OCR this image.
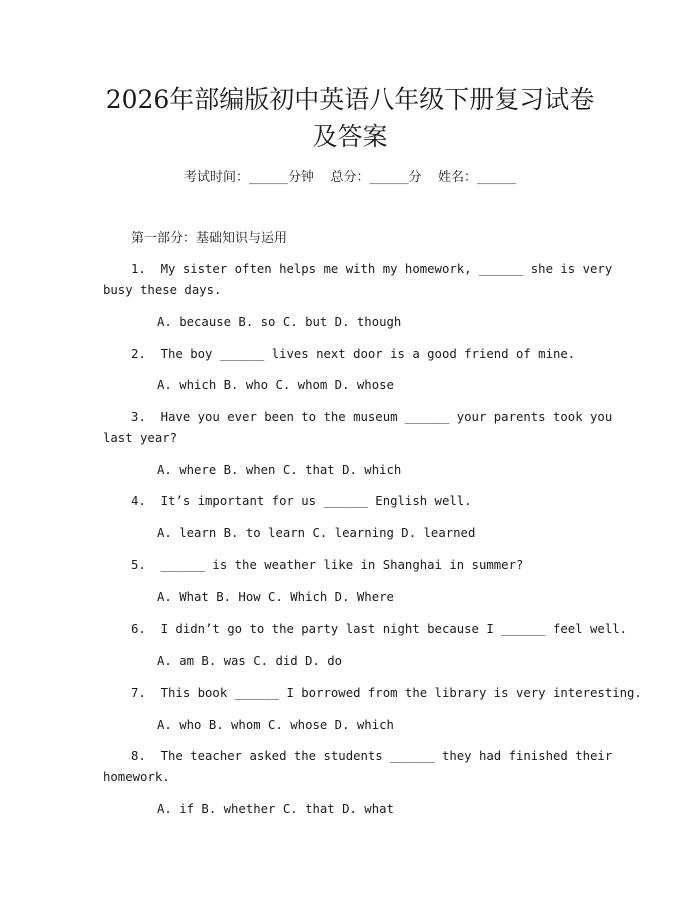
2026年部编版初中英语八年级下册复习试卷
及答案
考试时间：______分钟    总分：______分    姓名：______
第一部分：基础知识与运用
1.  My sister often helps me with my homework, ______ she is very
busy these days.
A. because B. so C. but D. though
2.  The boy ______ lives next door is a good friend of mine.
A. which B. who C. whom D. whose
3.  Have you ever been to the museum ______ your parents took you
last year?
A. where B. when C. that D. which
4.  It’s important for us ______ English well.
A. learn B. to learn C. learning D. learned
5.  ______ is the weather like in Shanghai in summer?
A. What B. How C. Which D. Where
6.  I didn’t go to the party last night because I ______ feel well.
A. am B. was C. did D. do
7.  This book ______ I borrowed from the library is very interesting.
A. who B. whom C. whose D. which
8.  The teacher asked the students ______ they had finished their
homework.
A. if B. whether C. that D. what
